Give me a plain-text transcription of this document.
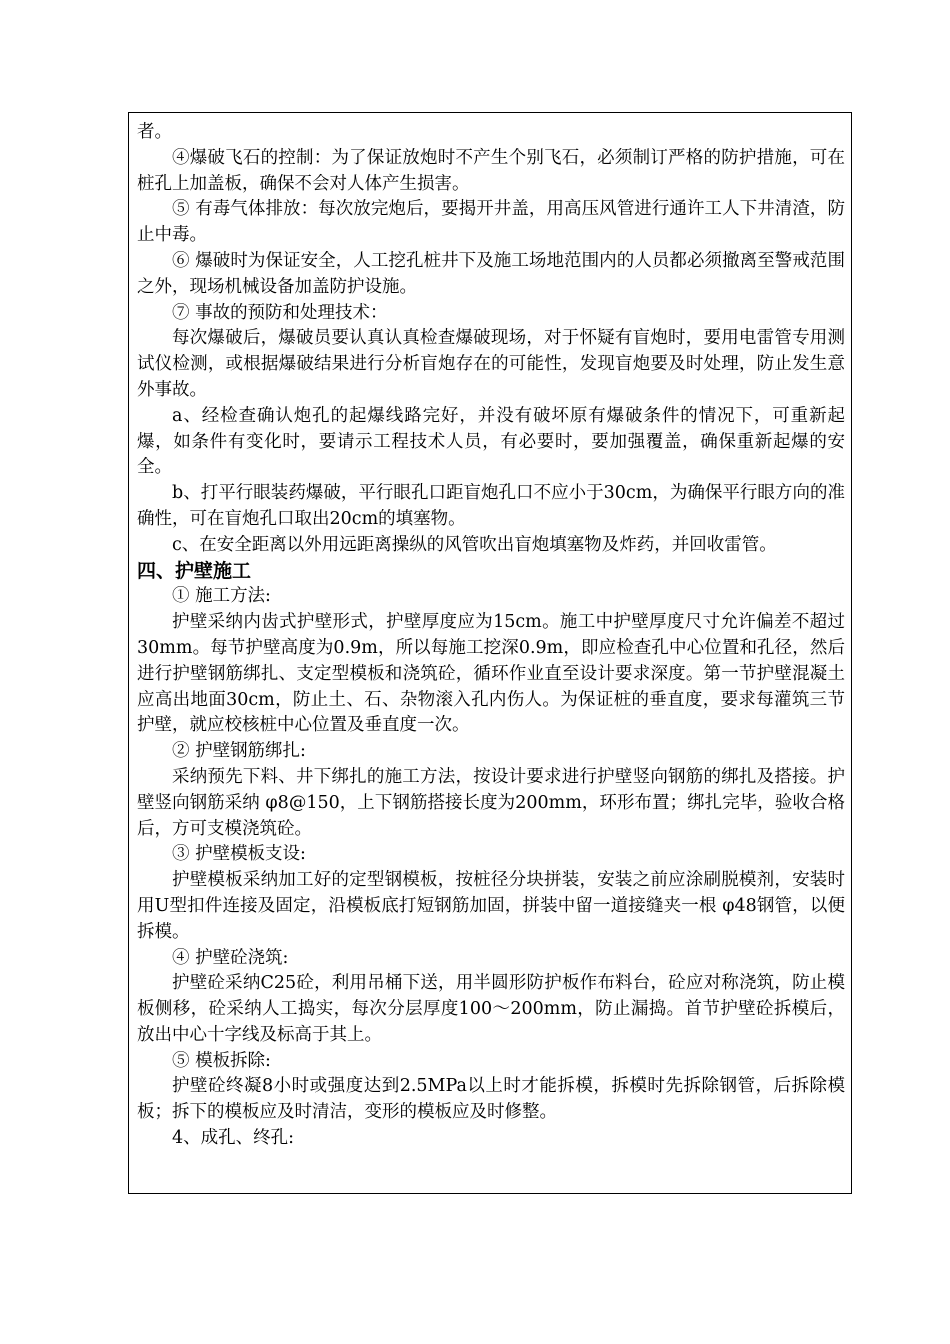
者。

④爆破飞石的控制：为了保证放炮时不产生个别飞石，必须制订严格的防护措施，可在桩孔上加盖板，确保不会对人体产生损害。

⑤ 有毒气体排放：每次放完炮后，要揭开井盖，用高压风管进行通许工人下井清渣，防止中毒。

⑥ 爆破时为保证安全，人工挖孔桩井下及施工场地范围内的人员都必须撤离至警戒范围之外，现场机械设备加盖防护设施。

⑦ 事故的预防和处理技术：

每次爆破后，爆破员要认真认真检查爆破现场，对于怀疑有盲炮时，要用电雷管专用测试仪检测，或根据爆破结果进行分析盲炮存在的可能性，发现盲炮要及时处理，防止发生意外事故。

a、经检查确认炮孔的起爆线路完好，并没有破坏原有爆破条件的情况下，可重新起爆，如条件有变化时，要请示工程技术人员，有必要时，要加强覆盖，确保重新起爆的安全。

b、打平行眼装药爆破，平行眼孔口距盲炮孔口不应小于30cm，为确保平行眼方向的准确性，可在盲炮孔口取出20cm的填塞物。

c、在安全距离以外用远距离操纵的风管吹出盲炮填塞物及炸药，并回收雷管。

四、护壁施工

① 施工方法:

护壁采纳内齿式护壁形式，护壁厚度应为15cm。施工中护壁厚度尺寸允许偏差不超过30mm。每节护壁高度为0.9m，所以每施工挖深0.9m，即应检查孔中心位置和孔径，然后进行护壁钢筋绑扎、支定型模板和浇筑砼，循环作业直至设计要求深度。第一节护壁混凝土应高出地面30cm，防止土、石、杂物滚入孔内伤人。为保证桩的垂直度，要求每灌筑三节护壁，就应校核桩中心位置及垂直度一次。

② 护壁钢筋绑扎:

采纳预先下料、井下绑扎的施工方法，按设计要求进行护壁竖向钢筋的绑扎及搭接。护壁竖向钢筋采纳 φ8@150，上下钢筋搭接长度为200mm，环形布置；绑扎完毕，验收合格后，方可支模浇筑砼。

③ 护壁模板支设:

护壁模板采纳加工好的定型钢模板，按桩径分块拼装，安装之前应涂刷脱模剂，安装时用U型扣件连接及固定，沿模板底打短钢筋加固，拼装中留一道接缝夹一根 φ48钢管，以便拆模。

④ 护壁砼浇筑:

护壁砼采纳C25砼，利用吊桶下送，用半圆形防护板作布料台，砼应对称浇筑，防止模板侧移，砼采纳人工捣实，每次分层厚度100～200mm，防止漏捣。首节护壁砼拆模后，放出中心十字线及标高于其上。

⑤ 模板拆除:

护壁砼终凝8小时或强度达到2.5MPa以上时才能拆模，拆模时先拆除钢管，后拆除模板；拆下的模板应及时清洁，变形的模板应及时修整。

4、成孔、终孔:
